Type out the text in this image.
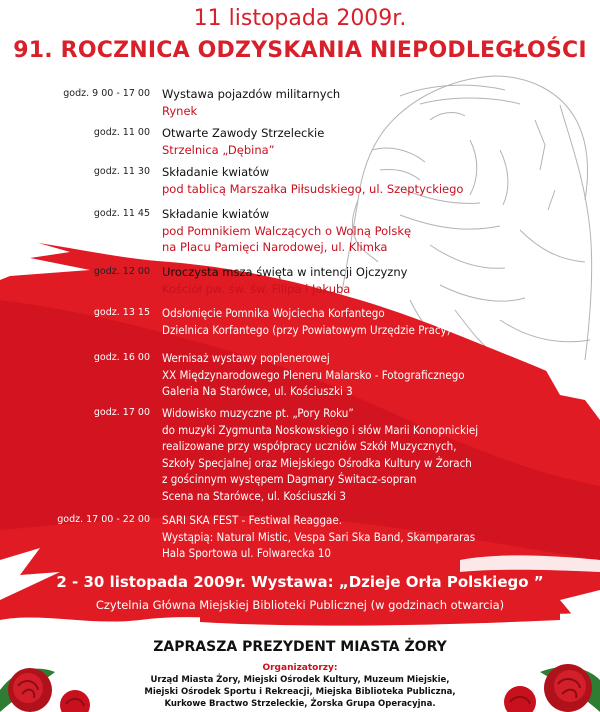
11 listopada 2009r.
91. ROCZNICA ODZYSKANIA NIEPODLEGŁOŚCI
godz. 9 00 - 17 00 Wystawa pojazdów militarnych
Rynek
godz. 11 00 Otwarte Zawody Strzeleckie
Strzelnica „Dębina”
godz. 11 30 Składanie kwiatów
pod tablicą Marszałka Piłsudskiego, ul. Szeptyckiego
godz. 11 45 Składanie kwiatów
pod Pomnikiem Walczących o Wolną Polskę
na Placu Pamięci Narodowej, ul. Klimka
godz. 12 00 Uroczysta msza święta w intencji Ojczyzny
Kościół pw. św. św. Filipa i Jakuba
godz. 13 15 Odsłonięcie Pomnika Wojciecha Korfantego
Dzielnica Korfantego (przy Powiatowym Urzędzie Pracy)
godz. 16 00 Wernisaż wystawy poplenerowej
XX Międzynarodowego Pleneru Malarsko - Fotograficznego
Galeria Na Starówce, ul. Kościuszki 3
godz. 17 00 Widowisko muzyczne pt. „Pory Roku”
do muzyki Zygmunta Noskowskiego i słów Marii Konopnickiej
realizowane przy współpracy uczniów Szkół Muzycznych,
Szkoły Specjalnej oraz Miejskiego Ośrodka Kultury w Żorach
z gościnnym występem Dagmary Świtacz-sopran
Scena na Starówce, ul. Kościuszki 3
godz. 17 00 - 22 00 SARI SKA FEST - Festiwal Reaggae.
Wystąpią: Natural Mistic, Vespa Sari Ska Band, Skampararas
Hala Sportowa ul. Folwarecka 10
2 - 30 listopada 2009r. Wystawa: „Dzieje Orła Polskiego ”
Czytelnia Główna Miejskiej Biblioteki Publicznej (w godzinach otwarcia)
ZAPRASZA PREZYDENT MIASTA ŻORY
Organizatorzy:
Urząd Miasta Żory, Miejski Ośrodek Kultury, Muzeum Miejskie,
Miejski Ośrodek Sportu i Rekreacji, Miejska Biblioteka Publiczna,
Kurkowe Bractwo Strzeleckie, Żorska Grupa Operacyjna.
